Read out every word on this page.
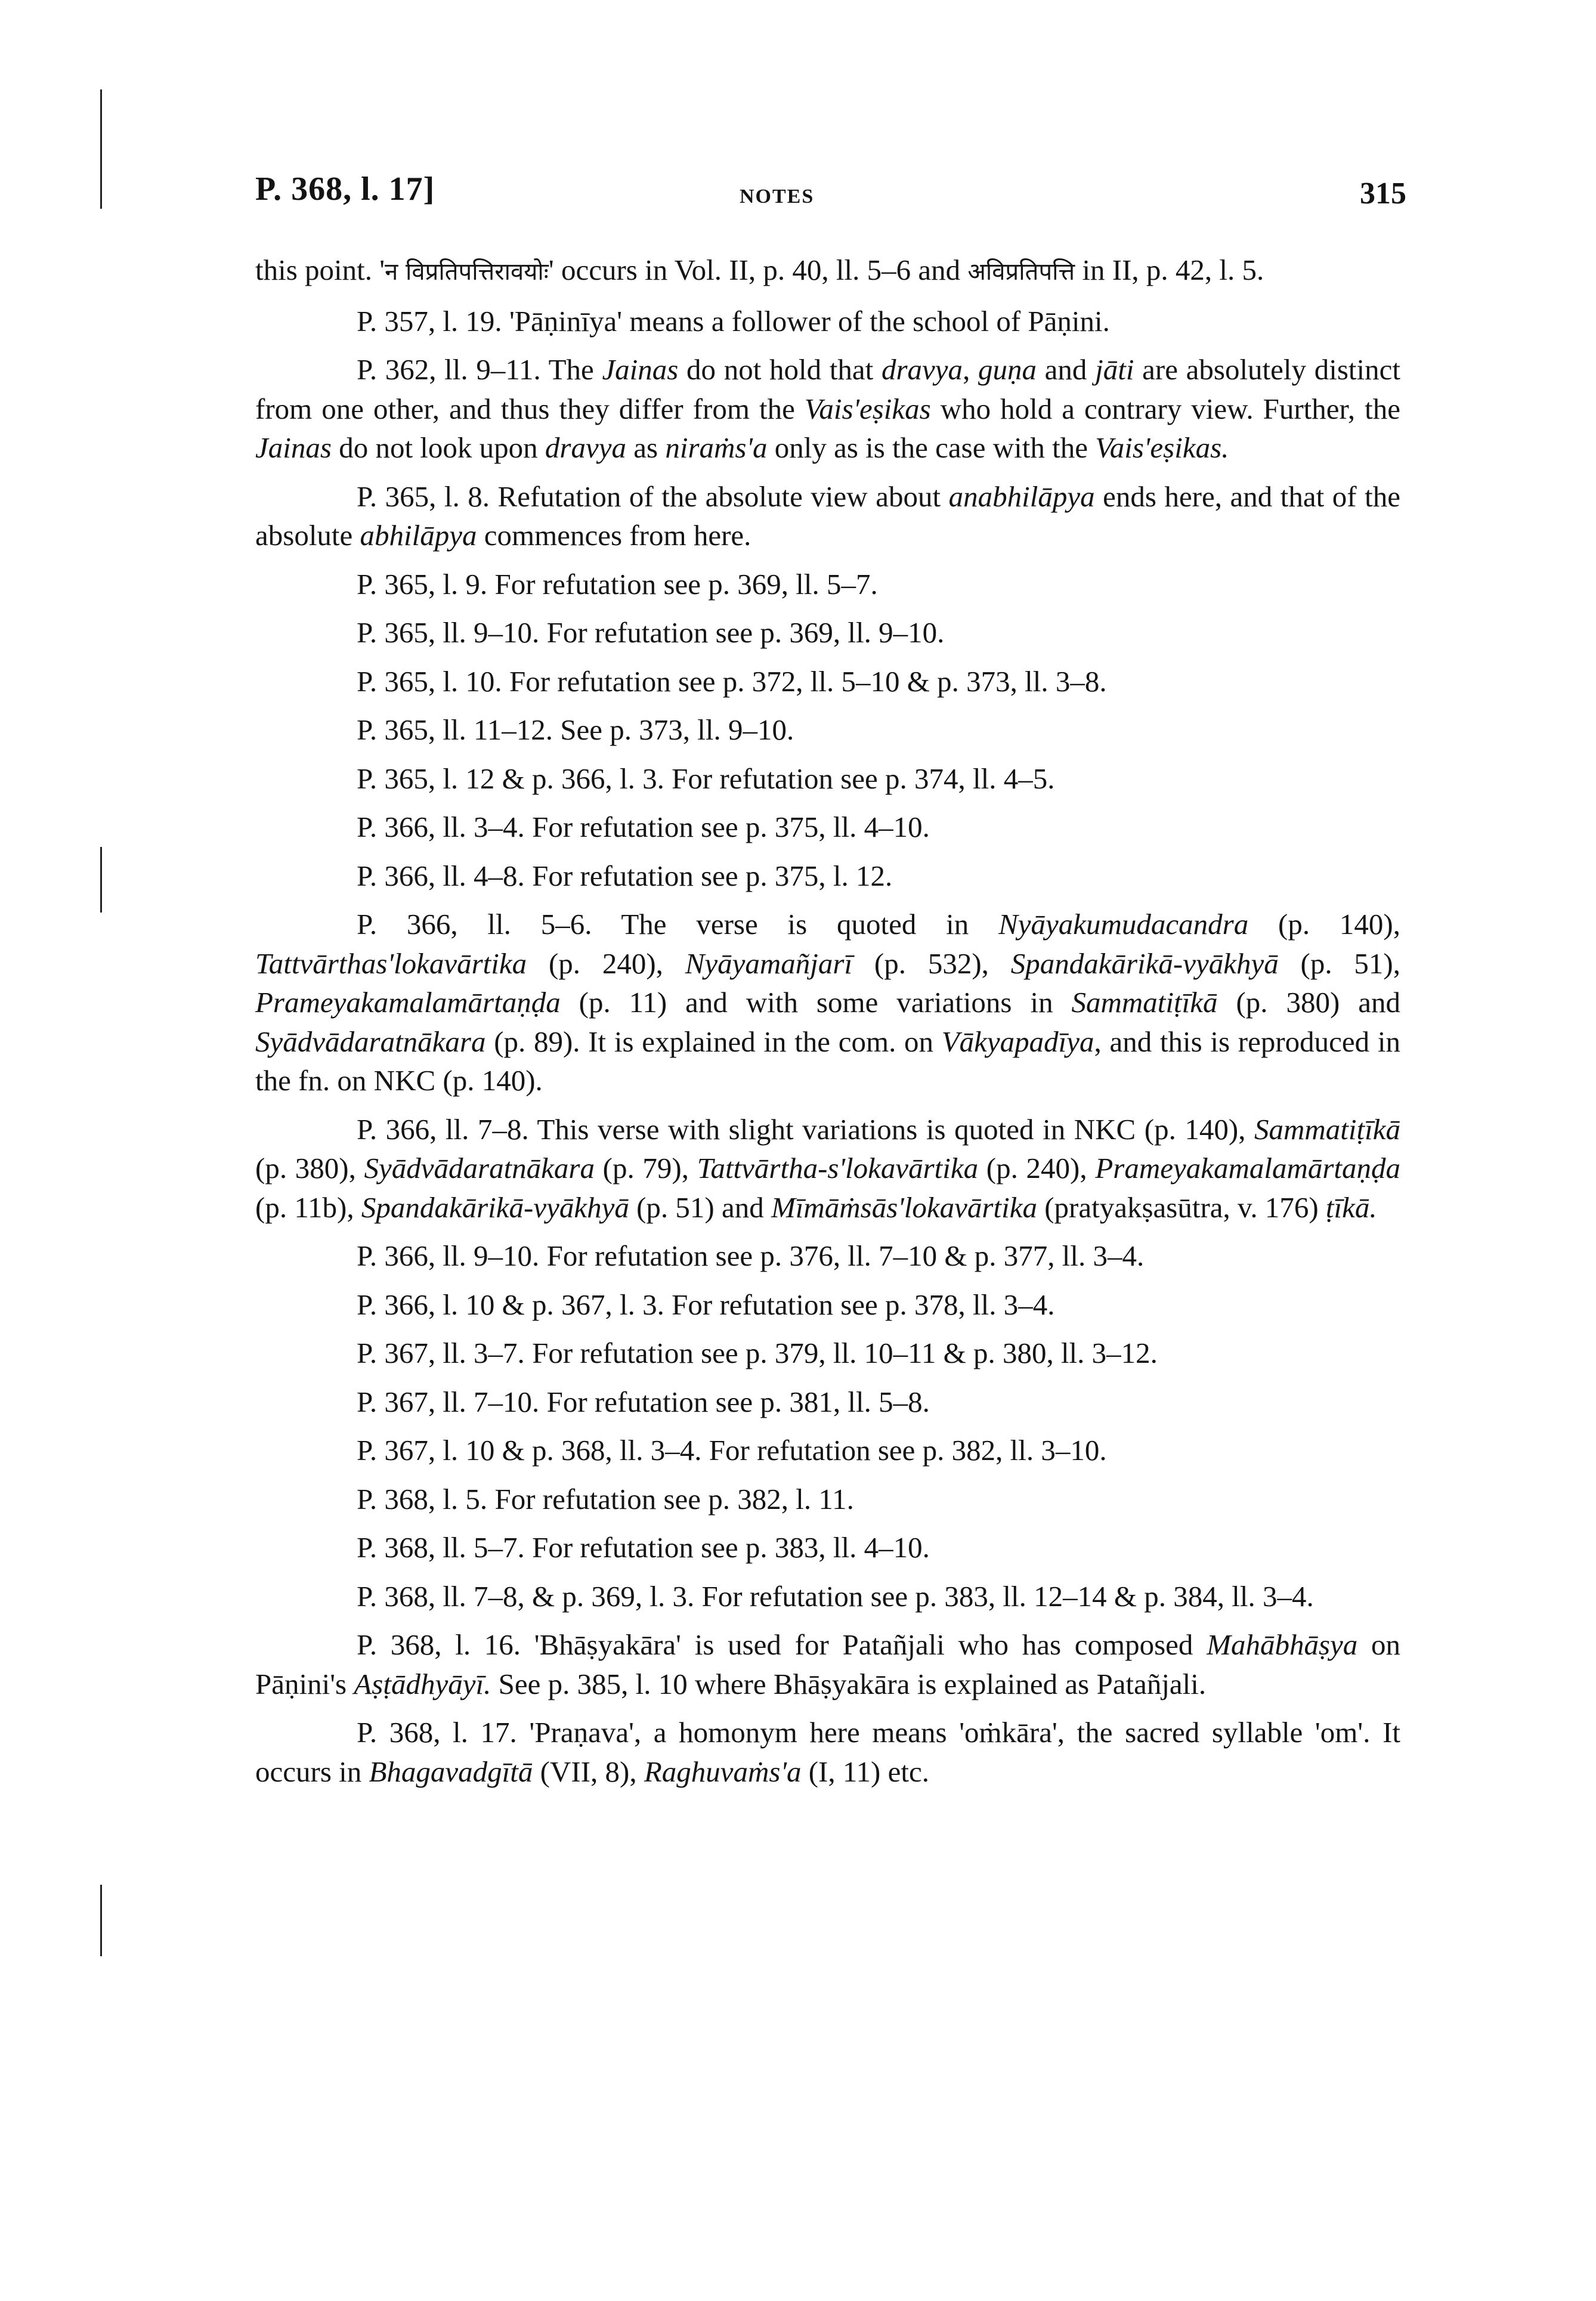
P. 368, l. 17]	NOTES	315

this point. 'न विप्रतिपत्तिरावयोः' occurs in Vol. II, p. 40, ll. 5–6 and अविप्रतिपत्ति in II, p. 42, l. 5.

P. 357, l. 19. 'Pāṇinīya' means a follower of the school of Pāṇini.

P. 362, ll. 9–11. The Jainas do not hold that dravya, guṇa and jāti are absolutely distinct from one other, and thus they differ from the Vais'eṣikas who hold a contrary view. Further, the Jainas do not look upon dravya as niraṁs'a only as is the case with the Vais'eṣikas.

P. 365, l. 8. Refutation of the absolute view about anabhilāpya ends here, and that of the absolute abhilāpya commences from here.

P. 365, l. 9. For refutation see p. 369, ll. 5–7.

P. 365, ll. 9–10. For refutation see p. 369, ll. 9–10.

P. 365, l. 10. For refutation see p. 372, ll. 5–10 & p. 373, ll. 3–8.

P. 365, ll. 11–12. See p. 373, ll. 9–10.

P. 365, l. 12 & p. 366, l. 3. For refutation see p. 374, ll. 4–5.

P. 366, ll. 3–4. For refutation see p. 375, ll. 4–10.

P. 366, ll. 4–8. For refutation see p. 375, l. 12.

P. 366, ll. 5–6. The verse is quoted in Nyāyakumudacandra (p. 140), Tattvārthas'lokavārtika (p. 240), Nyāyamañjarī (p. 532), Spandakārikā-vyākhyā (p. 51), Prameyakamalamārtaṇḍa (p. 11) and with some variations in Sammatiṭīkā (p. 380) and Syādvādaratnākara (p. 89). It is explained in the com. on Vākyapadīya, and this is reproduced in the fn. on NKC (p. 140).

P. 366, ll. 7–8. This verse with slight variations is quoted in NKC (p. 140), Sammatiṭīkā (p. 380), Syādvādaratnākara (p. 79), Tattvārtha-s'lokavārtika (p. 240), Prameyakamalamārtaṇḍa (p. 11b), Spandakārikā-vyākhyā (p. 51) and Mīmāṁsās'lokavārtika (pratyakṣasūtra, v. 176) ṭīkā.

P. 366, ll. 9–10. For refutation see p. 376, ll. 7–10 & p. 377, ll. 3–4.

P. 366, l. 10 & p. 367, l. 3. For refutation see p. 378, ll. 3–4.

P. 367, ll. 3–7. For refutation see p. 379, ll. 10–11 & p. 380, ll. 3–12.

P. 367, ll. 7–10. For refutation see p. 381, ll. 5–8.

P. 367, l. 10 & p. 368, ll. 3–4. For refutation see p. 382, ll. 3–10.

P. 368, l. 5. For refutation see p. 382, l. 11.

P. 368, ll. 5–7. For refutation see p. 383, ll. 4–10.

P. 368, ll. 7–8, & p. 369, l. 3. For refutation see p. 383, ll. 12–14 & p. 384, ll. 3–4.

P. 368, l. 16. 'Bhāṣyakāra' is used for Patañjali who has composed Mahābhāṣya on Pāṇini's Aṣṭādhyāyī. See p. 385, l. 10 where Bhāṣyakāra is explained as Patañjali.

P. 368, l. 17. 'Praṇava', a homonym here means 'oṁkāra', the sacred syllable 'om'. It occurs in Bhagavadgītā (VII, 8), Raghuvaṁs'a (I, 11) etc.
